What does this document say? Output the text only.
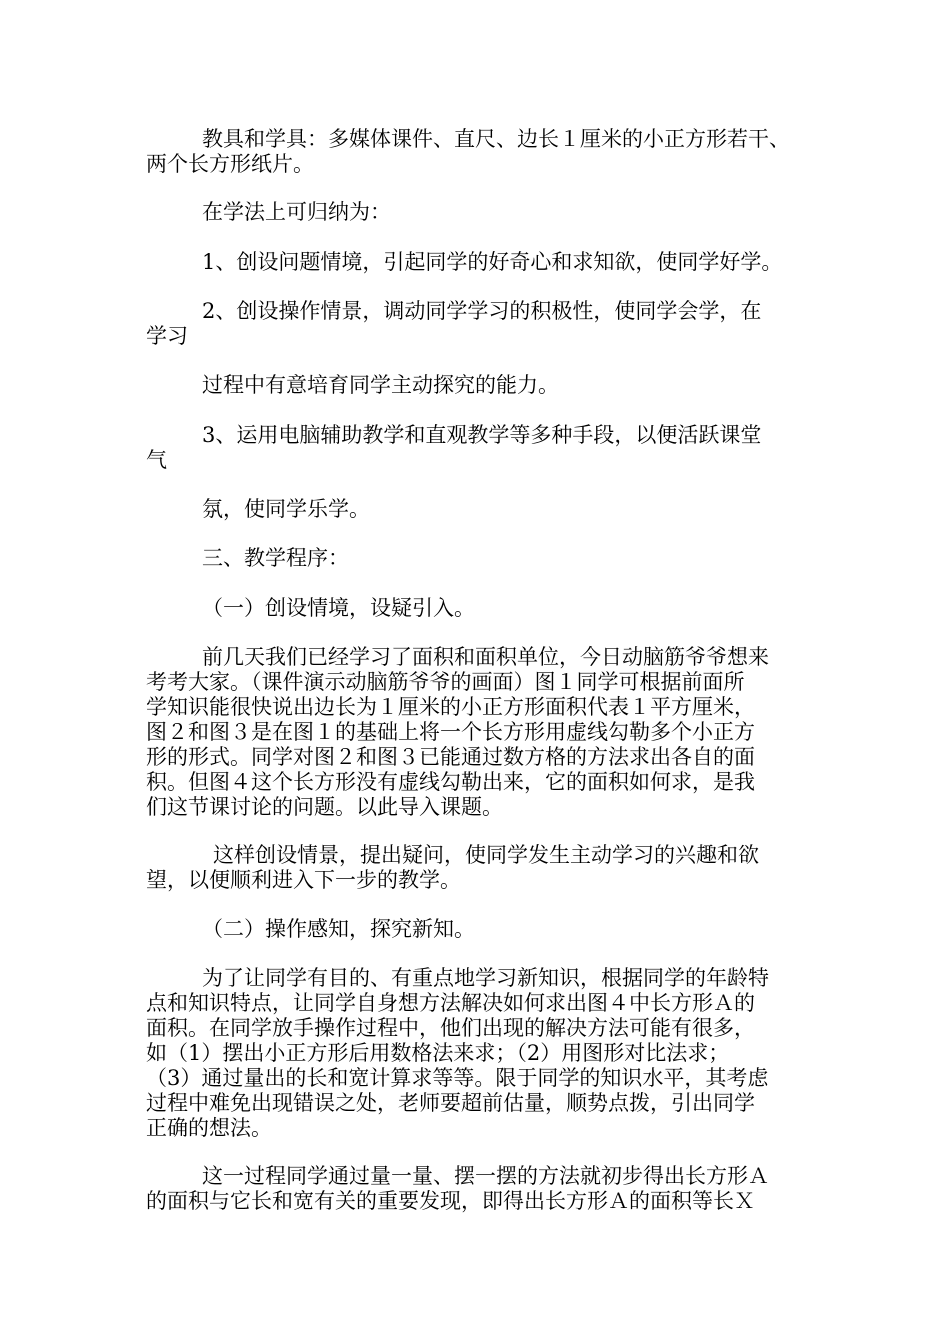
教具和学具：多媒体课件、直尺、边长１厘米的小正方形若干、

两个长方形纸片。

在学法上可归纳为：

1、创设问题情境，引起同学的好奇心和求知欲，使同学好学。

2、创设操作情景，调动同学学习的积极性，使同学会学，在

学习

过程中有意培育同学主动探究的能力。

3、运用电脑辅助教学和直观教学等多种手段，以便活跃课堂

气

氛，使同学乐学。

三、教学程序：

（一）创设情境，设疑引入。

前几天我们已经学习了面积和面积单位，今日动脑筋爷爷想来

考考大家。（课件演示动脑筋爷爷的画面）图１同学可根据前面所

学知识能很快说出边长为１厘米的小正方形面积代表１平方厘米，

图２和图３是在图１的基础上将一个长方形用虚线勾勒多个小正方

形的形式。同学对图２和图３已能通过数方格的方法求出各自的面

积。但图４这个长方形没有虚线勾勒出来，它的面积如何求，是我

们这节课讨论的问题。以此导入课题。

这样创设情景，提出疑问，使同学发生主动学习的兴趣和欲

望，以便顺利进入下一步的教学。

（二）操作感知，探究新知。

为了让同学有目的、有重点地学习新知识，根据同学的年龄特

点和知识特点，让同学自身想方法解决如何求出图４中长方形Ａ的

面积。在同学放手操作过程中，他们出现的解决方法可能有很多，

如（1）摆出小正方形后用数格法来求；（2）用图形对比法求；

（3）通过量出的长和宽计算求等等。限于同学的知识水平，其考虑

过程中难免出现错误之处，老师要超前估量，顺势点拨，引出同学

正确的想法。

这一过程同学通过量一量、摆一摆的方法就初步得出长方形Ａ

的面积与它长和宽有关的重要发现，即得出长方形Ａ的面积等长Ｘ
